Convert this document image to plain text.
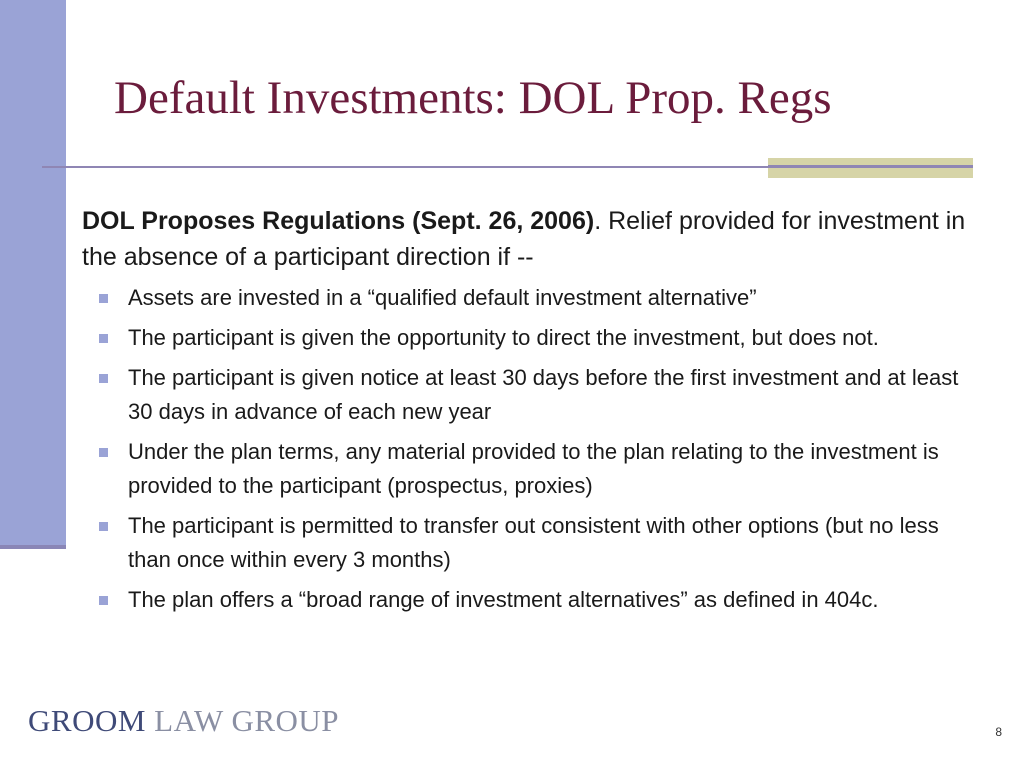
Default Investments: DOL Prop. Regs

DOL Proposes Regulations (Sept. 26, 2006). Relief provided for investment in the absence of a participant direction if --

Assets are invested in a “qualified default investment alternative”
The participant is given the opportunity to direct the investment, but does not.
The participant is given notice at least 30 days before the first investment and at least 30 days in advance of each new year
Under the plan terms, any material provided to the plan relating to the investment is provided to the participant (prospectus, proxies)
The participant is permitted to transfer out consistent with other options (but no less than once within every 3 months)
The plan offers a “broad range of investment alternatives” as defined in 404c.
GROOM LAW GROUP	8
